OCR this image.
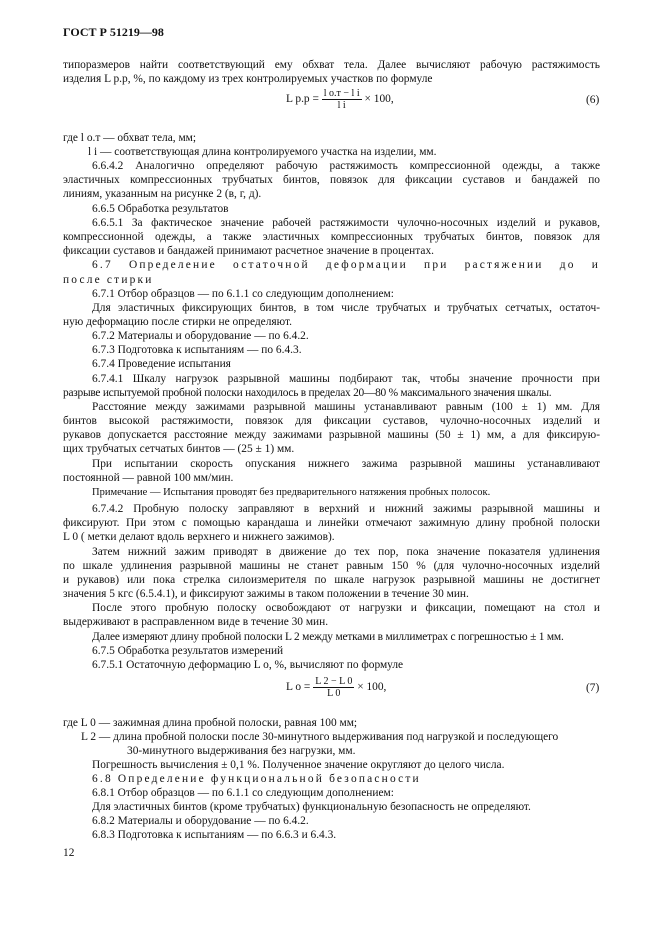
ГОСТ Р 51219—98
типоразмеров найти соответствующий ему обхват тела. Далее вычисляют рабочую растяжимость
изделия L р.р, %, по каждому из трех контролируемых участков по формуле
L $р.р = \frac{\text{l о.т − l i}}{\text{l i}} \times 100$,	(6)
где l о.т — обхват тела, мм;
l i — соответствующая длина контролируемого участка на изделии, мм.
6.6.4.2 Аналогично определяют рабочую растяжимость компрессионной одежды, а также
эластичных компрессионных трубчатых бинтов, повязок для фиксации суставов и бандажей по
линиям, указанным на рисунке 2 (в, г, д).
6.6.5 Обработка результатов
6.6.5.1 За фактическое значение рабочей растяжимости чулочно-носочных изделий и рукавов,
компрессионной одежды, а также эластичных компрессионных трубчатых бинтов, повязок для
фиксации суставов и бандажей принимают расчетное значение в процентах.
6.7 Определение остаточной деформации при растяжении до и
после стирки
6.7.1 Отбор образцов — по 6.1.1 со следующим дополнением:
Для эластичных фиксирующих бинтов, в том числе трубчатых и трубчатых сетчатых, остаточ-
ную деформацию после стирки не определяют.
6.7.2 Материалы и оборудование — по 6.4.2.
6.7.3 Подготовка к испытаниям — по 6.4.3.
6.7.4 Проведение испытания
6.7.4.1 Шкалу нагрузок разрывной машины подбирают так, чтобы значение прочности при
разрыве испытуемой пробной полоски находилось в пределах 20—80 % максимального значения шкалы.
Расстояние между зажимами разрывной машины устанавливают равным (100 ± 1) мм. Для
бинтов высокой растяжимости, повязок для фиксации суставов, чулочно-носочных изделий и
рукавов допускается расстояние между зажимами разрывной машины (50 ± 1) мм, а для фиксирую-
щих трубчатых сетчатых бинтов — (25 ± 1) мм.
При испытании скорость опускания нижнего зажима разрывной машины устанавливают
постоянной — равной 100 мм/мин.
Примечание — Испытания проводят без предварительного натяжения пробных полосок.
6.7.4.2 Пробную полоску заправляют в верхний и нижний зажимы разрывной машины и
фиксируют. При этом с помощью карандаша и линейки отмечают зажимную длину пробной полоски
L 0 ( метки делают вдоль верхнего и нижнего зажимов).
Затем нижний зажим приводят в движение до тех пор, пока значение показателя удлинения
по шкале удлинения разрывной машины не станет равным 150 % (для чулочно-носочных изделий
и рукавов) или пока стрелка силоизмерителя по шкале нагрузок разрывной машины не достигнет
значения 5 кгс (6.5.4.1), и фиксируют зажимы в таком положении в течение 30 мин.
После этого пробную полоску освобождают от нагрузки и фиксации, помещают на стол и
выдерживают в расправленном виде в течение 30 мин.
Далее измеряют длину пробной полоски L 2 между метками в миллиметрах с погрешностью ± 1 мм.
6.7.5 Обработка результатов измерений
6.7.5.1 Остаточную деформацию L о, %, вычисляют по формуле
L $о = \frac{L 2 - L 0}{L 0} \times 100$,	(7)
где L 0 — зажимная длина пробной полоски, равная 100 мм;
L 2 — длина пробной полоски после 30-минутного выдерживания под нагрузкой и последующего
30-минутного выдерживания без нагрузки, мм.
Погрешность вычисления ± 0,1 %. Полученное значение округляют до целого числа.
6.8 Определение функциональной безопасности
6.8.1 Отбор образцов — по 6.1.1 со следующим дополнением:
Для эластичных бинтов (кроме трубчатых) функциональную безопасность не определяют.
6.8.2 Материалы и оборудование — по 6.4.2.
6.8.3 Подготовка к испытаниям — по 6.6.3 и 6.4.3.
12
